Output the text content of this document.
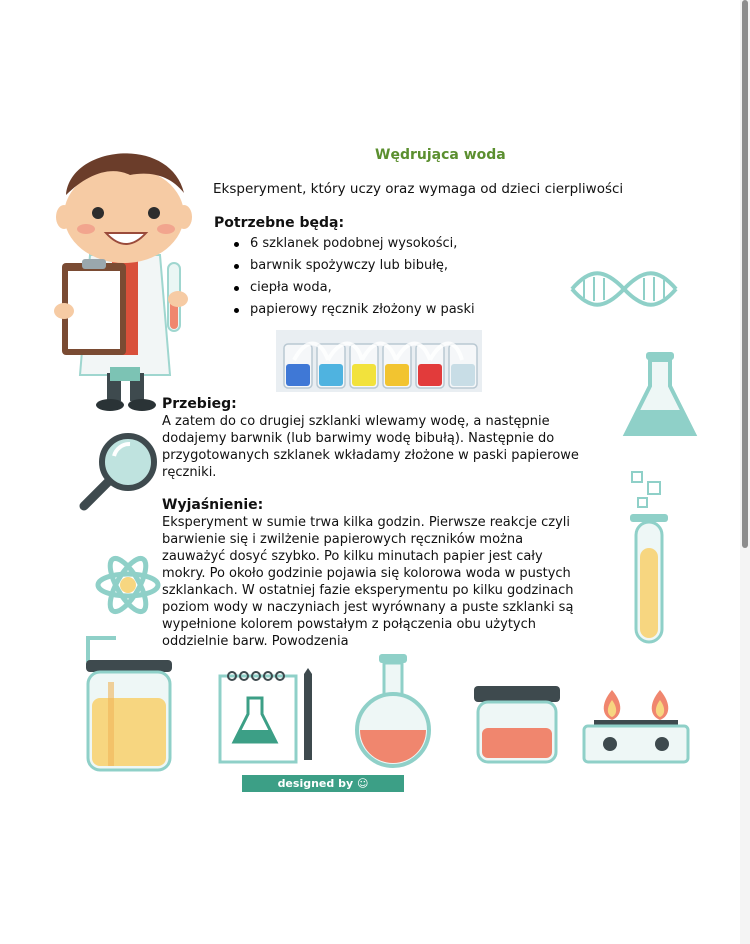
Wędrująca woda
Eksperyment, który uczy oraz wymaga od dzieci cierpliwości
Potrzebne będą:
6 szklanek podobnej wysokości,
barwnik spożywczy lub bibułę,
ciepła woda,
papierowy ręcznik złożony w paski
Przebieg:
A zatem do co drugiej szklanki wlewamy wodę, a następnie
dodajemy barwnik (lub barwimy wodę bibułą). Następnie do
przygotowanych szklanek wkładamy złożone w paski papierowe
ręczniki.
Wyjaśnienie:
Eksperyment w sumie trwa kilka godzin. Pierwsze reakcje czyli
barwienie się i zwilżenie papierowych ręczników można
zauważyć dosyć szybko. Po kilku minutach papier jest cały
mokry. Po około godzinie pojawia się kolorowa woda w pustych
szklankach. W ostatniej fazie eksperymentu po kilku godzinach
poziom wody w naczyniach jest wyrównany a puste szklanki są
wypełnione kolorem powstałym z połączenia obu użytych
oddzielnie barw. Powodzenia
designed by ☺ freepik.com
